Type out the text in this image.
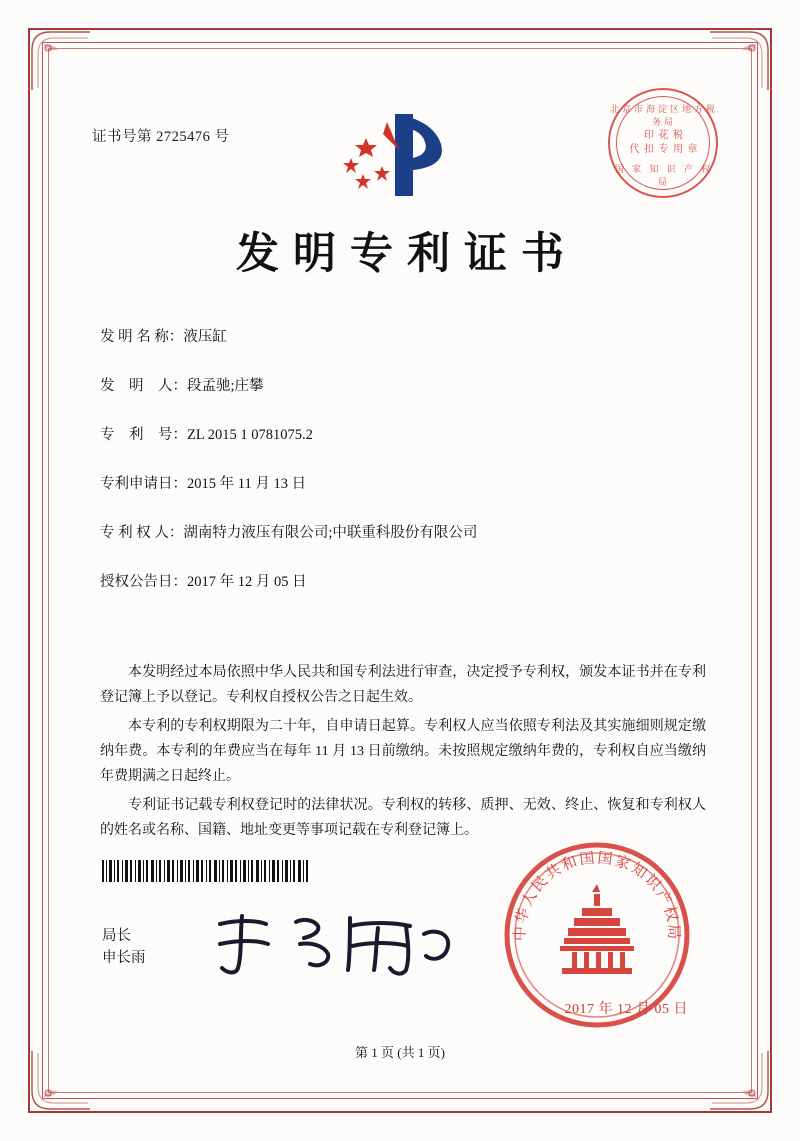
证书号第 2725476 号
北京市海淀区地方税务局
印 花 税
代 扣 专 用 章
国 家 知 识 产 权 局
发明专利证书
发 明 名 称：液压缸
发　明　人：段孟驰;庄攀
专　利　号：ZL 2015 1 0781075.2
专利申请日：2015 年 11 月 13 日
专 利 权 人：湖南特力液压有限公司;中联重科股份有限公司
授权公告日：2017 年 12 月 05 日

本发明经过本局依照中华人民共和国专利法进行审查，决定授予专利权，颁发本证书并在专利登记簿上予以登记。专利权自授权公告之日起生效。

本专利的专利权期限为二十年，自申请日起算。专利权人应当依照专利法及其实施细则规定缴纳年费。本专利的年费应当在每年 11 月 13 日前缴纳。未按照规定缴纳年费的，专利权自应当缴纳年费期满之日起终止。

专利证书记载专利权登记时的法律状况。专利权的转移、质押、无效、终止、恢复和专利权人的姓名或名称、国籍、地址变更等事项记载在专利登记簿上。

局长
申长雨
中华人民共和国国家知识产权局
2017 年 12 月 05 日
第 1 页 (共 1 页)
